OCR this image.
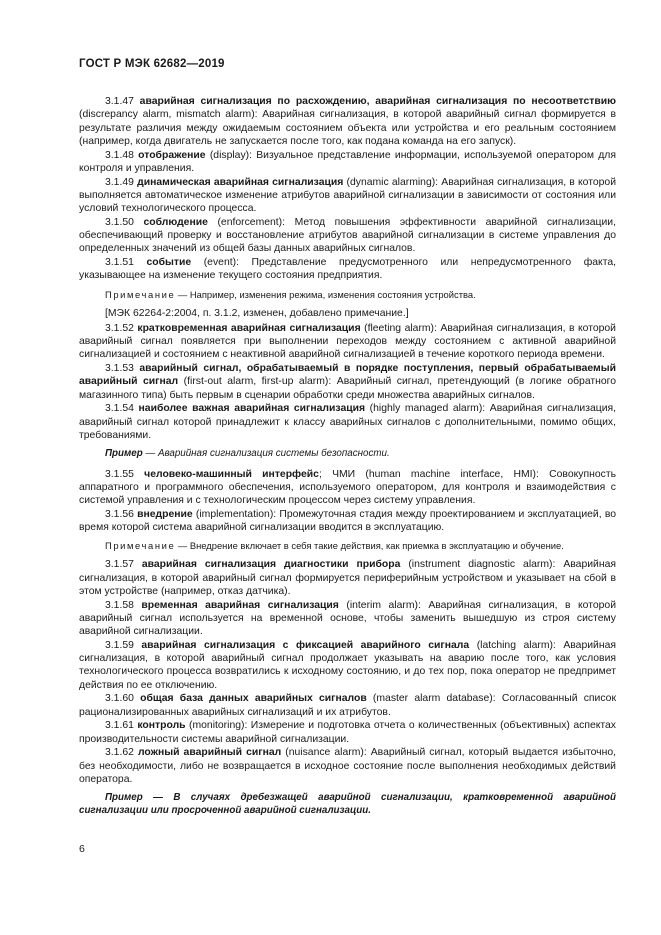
ГОСТ Р МЭК 62682—2019

3.1.47 аварийная сигнализация по расхождению, аварийная сигнализация по несоответствию (discrepancy alarm, mismatch alarm): Аварийная сигнализация, в которой аварийный сигнал формируется в результате различия между ожидаемым состоянием объекта или устройства и его реальным состоянием (например, когда двигатель не запускается после того, как подана команда на его запуск).

3.1.48 отображение (display): Визуальное представление информации, используемой оператором для контроля и управления.

3.1.49 динамическая аварийная сигнализация (dynamic alarming): Аварийная сигнализация, в которой выполняется автоматическое изменение атрибутов аварийной сигнализации в зависимости от состояния или условий технологического процесса.

3.1.50 соблюдение (enforcement): Метод повышения эффективности аварийной сигнализации, обеспечивающий проверку и восстановление атрибутов аварийной сигнализации в системе управления до определенных значений из общей базы данных аварийных сигналов.

3.1.51 событие (event): Представление предусмотренного или непредусмотренного факта, указывающее на изменение текущего состояния предприятия.

Примечание — Например, изменения режима, изменения состояния устройства.

[МЭК 62264-2:2004, п. 3.1.2, изменен, добавлено примечание.]

3.1.52 кратковременная аварийная сигнализация (fleeting alarm): Аварийная сигнализация, в которой аварийный сигнал появляется при выполнении переходов между состоянием с активной аварийной сигнализацией и состоянием с неактивной аварийной сигнализацией в течение короткого периода времени.

3.1.53 аварийный сигнал, обрабатываемый в порядке поступления, первый обрабатываемый аварийный сигнал (first-out alarm, first-up alarm): Аварийный сигнал, претендующий (в логике обратного магазинного типа) быть первым в сценарии обработки среди множества аварийных сигналов.

3.1.54 наиболее важная аварийная сигнализация (highly managed alarm): Аварийная сигнализация, аварийный сигнал которой принадлежит к классу аварийных сигналов с дополнительными, помимо общих, требованиями.

Пример — Аварийная сигнализация системы безопасности.

3.1.55 человеко-машинный интерфейс; ЧМИ (human machine interface, HMI): Совокупность аппаратного и программного обеспечения, используемого оператором, для контроля и взаимодействия с системой управления и с технологическим процессом через систему управления.

3.1.56 внедрение (implementation): Промежуточная стадия между проектированием и эксплуатацией, во время которой система аварийной сигнализации вводится в эксплуатацию.

Примечание — Внедрение включает в себя такие действия, как приемка в эксплуатацию и обучение.

3.1.57 аварийная сигнализация диагностики прибора (instrument diagnostic alarm): Аварийная сигнализация, в которой аварийный сигнал формируется периферийным устройством и указывает на сбой в этом устройстве (например, отказ датчика).

3.1.58 временная аварийная сигнализация (interim alarm): Аварийная сигнализация, в которой аварийный сигнал используется на временной основе, чтобы заменить вышедшую из строя систему аварийной сигнализации.

3.1.59 аварийная сигнализация с фиксацией аварийного сигнала (latching alarm): Аварийная сигнализация, в которой аварийный сигнал продолжает указывать на аварию после того, как условия технологического процесса возвратились к исходному состоянию, и до тех пор, пока оператор не предпримет действия по ее отключению.

3.1.60 общая база данных аварийных сигналов (master alarm database): Согласованный список рационализированных аварийных сигнализаций и их атрибутов.

3.1.61 контроль (monitoring): Измерение и подготовка отчета о количественных (объективных) аспектах производительности системы аварийной сигнализации.

3.1.62 ложный аварийный сигнал (nuisance alarm): Аварийный сигнал, который выдается избыточно, без необходимости, либо не возвращается в исходное состояние после выполнения необходимых действий оператора.

Пример — В случаях дребезжащей аварийной сигнализации, кратковременной аварийной сигнализации или просроченной аварийной сигнализации.

6
